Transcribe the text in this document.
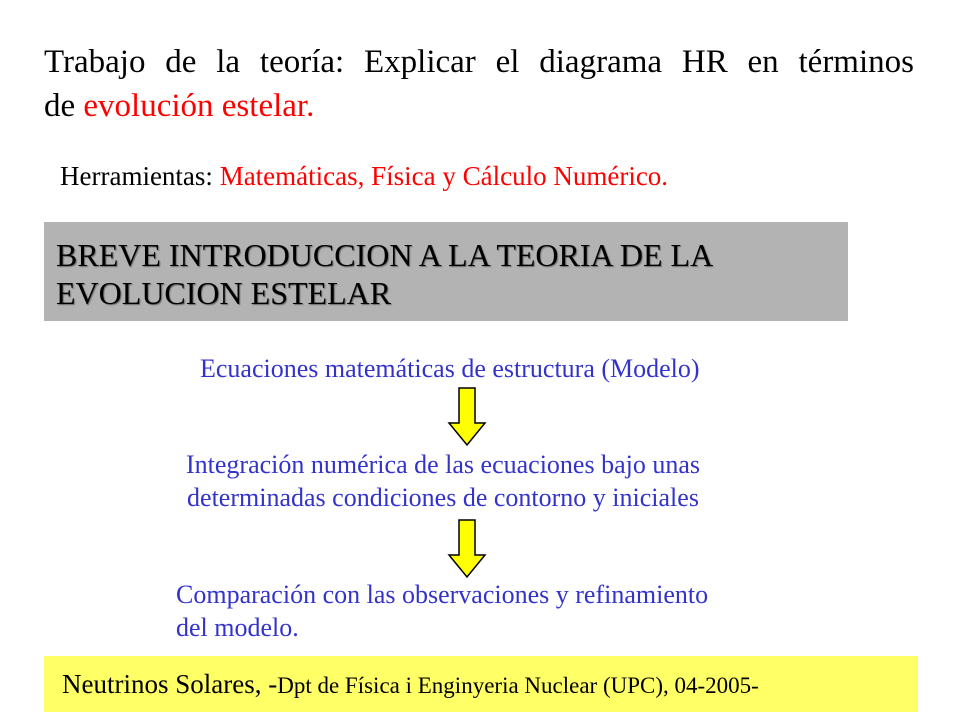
Trabajo de la teoría: Explicar el diagrama HR en términos

de evolución estelar.

Herramientas: Matemáticas, Física y Cálculo Numérico.
BREVE INTRODUCCION A LA TEORIA DE LA
EVOLUCION ESTELAR
Ecuaciones matemáticas de estructura (Modelo)
Integración numérica de las ecuaciones bajo unas
determinadas condiciones de contorno y iniciales
Comparación con las observaciones y refinamiento
del modelo.
Neutrinos Solares, -Dpt de Física i Enginyeria Nuclear (UPC), 04-2005-
